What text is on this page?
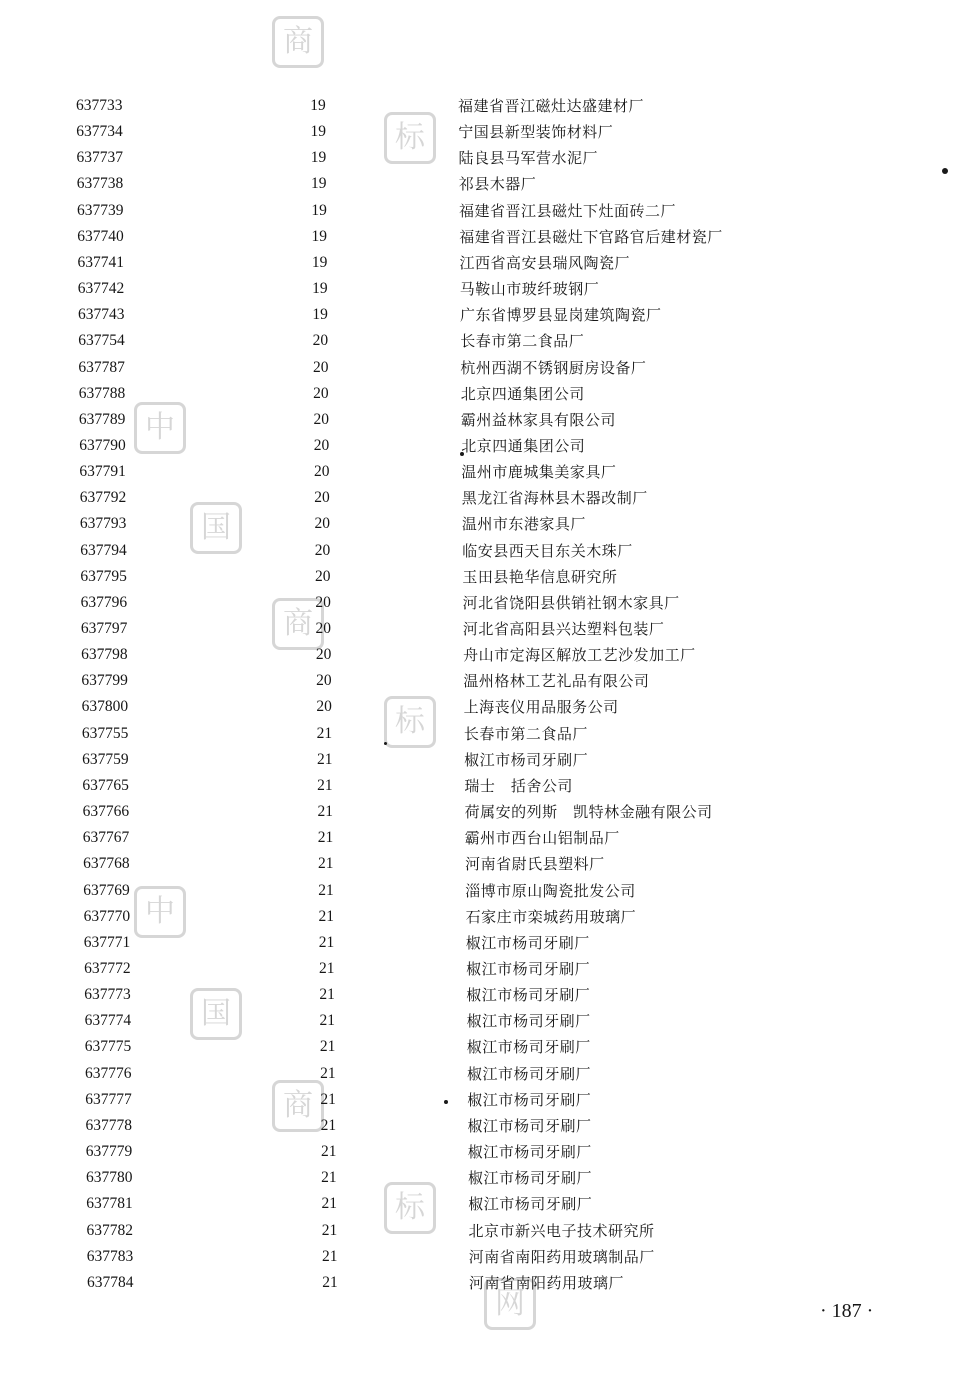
商
标
中
国
商
标
中
国
商
标
网
637733	19	福建省晋江磁灶达盛建材厂
637734	19	宁国县新型装饰材料厂
637737	19	陆良县马军营水泥厂
637738	19	祁县木器厂
637739	19	福建省晋江县磁灶下灶面砖二厂
637740	19	福建省晋江县磁灶下官路官后建材瓷厂
637741	19	江西省高安县瑞风陶瓷厂
637742	19	马鞍山市玻纤玻钢厂
637743	19	广东省博罗县显岗建筑陶瓷厂
637754	20	长春市第二食品厂
637787	20	杭州西湖不锈钢厨房设备厂
637788	20	北京四通集团公司
637789	20	霸州益林家具有限公司
637790	20	北京四通集团公司
637791	20	温州市鹿城集美家具厂
637792	20	黑龙江省海林县木器改制厂
637793	20	温州市东港家具厂
637794	20	临安县西天目东关木珠厂
637795	20	玉田县艳华信息研究所
637796	20	河北省饶阳县供销社钢木家具厂
637797	20	河北省高阳县兴达塑料包装厂
637798	20	舟山市定海区解放工艺沙发加工厂
637799	20	温州格林工艺礼品有限公司
637800	20	上海丧仪用品服务公司
637755	21	长春市第二食品厂
637759	21	椒江市杨司牙刷厂
637765	21	瑞士　括舍公司
637766	21	荷属安的列斯　凯特林金融有限公司
637767	21	霸州市西台山铝制品厂
637768	21	河南省尉氏县塑料厂
637769	21	淄博市原山陶瓷批发公司
637770	21	石家庄市栾城药用玻璃厂
637771	21	椒江市杨司牙刷厂
637772	21	椒江市杨司牙刷厂
637773	21	椒江市杨司牙刷厂
637774	21	椒江市杨司牙刷厂
637775	21	椒江市杨司牙刷厂
637776	21	椒江市杨司牙刷厂
637777	21	椒江市杨司牙刷厂
637778	21	椒江市杨司牙刷厂
637779	21	椒江市杨司牙刷厂
637780	21	椒江市杨司牙刷厂
637781	21	椒江市杨司牙刷厂
637782	21	北京市新兴电子技术研究所
637783	21	河南省南阳药用玻璃制品厂
637784	21	河南省南阳药用玻璃厂
· 187 ·
